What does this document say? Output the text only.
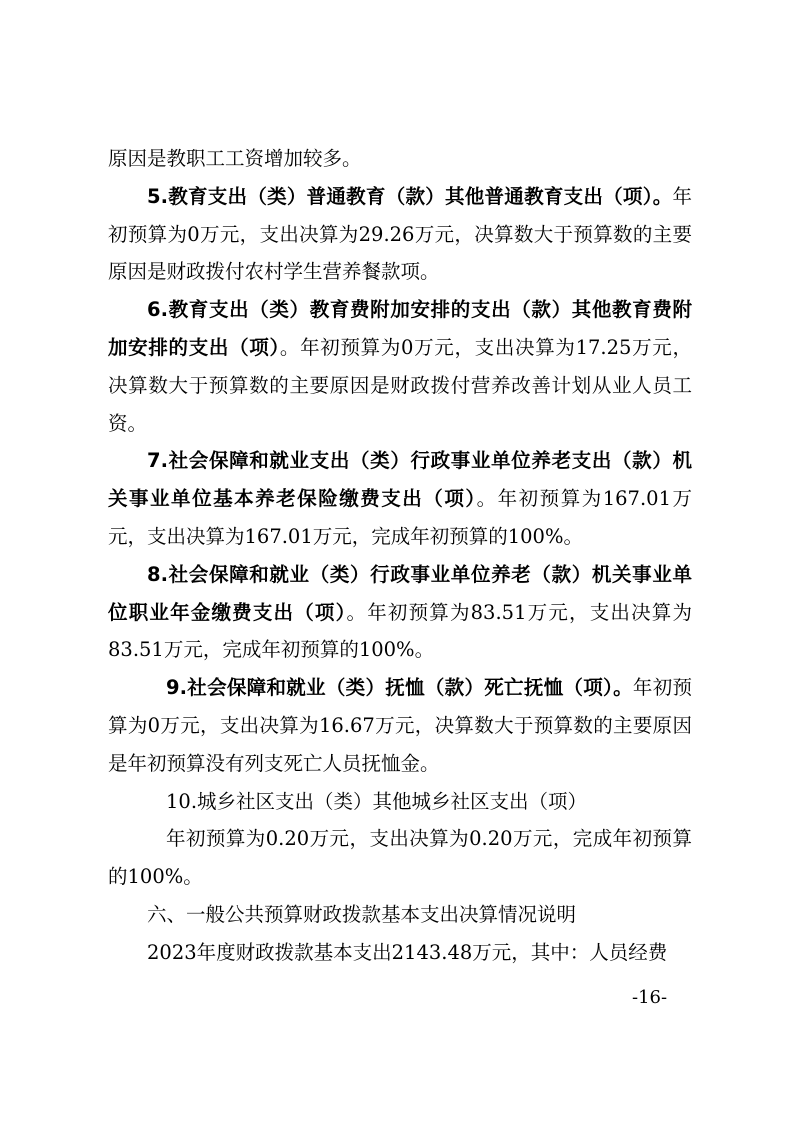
原因是教职工工资增加较多。

5.教育支出（类）普通教育（款）其他普通教育支出（项）。年初预算为0万元，支出决算为29.26万元，决算数大于预算数的主要原因是财政拨付农村学生营养餐款项。

6.教育支出（类）教育费附加安排的支出（款）其他教育费附加安排的支出（项）。年初预算为0万元，支出决算为17.25万元，决算数大于预算数的主要原因是财政拨付营养改善计划从业人员工资。

7.社会保障和就业支出（类）行政事业单位养老支出（款）机关事业单位基本养老保险缴费支出（项）。年初预算为167.01万元，支出决算为167.01万元，完成年初预算的100%。

8.社会保障和就业（类）行政事业单位养老（款）机关事业单位职业年金缴费支出（项）。年初预算为83.51万元，支出决算为83.51万元，完成年初预算的100%。

9.社会保障和就业（类）抚恤（款）死亡抚恤（项）。年初预算为0万元，支出决算为16.67万元，决算数大于预算数的主要原因是年初预算没有列支死亡人员抚恤金。

10.城乡社区支出（类）其他城乡社区支出（项）

年初预算为0.20万元，支出决算为0.20万元，完成年初预算的100%。

六、一般公共预算财政拨款基本支出决算情况说明

2023年度财政拨款基本支出2143.48万元，其中：人员经费

-16-
